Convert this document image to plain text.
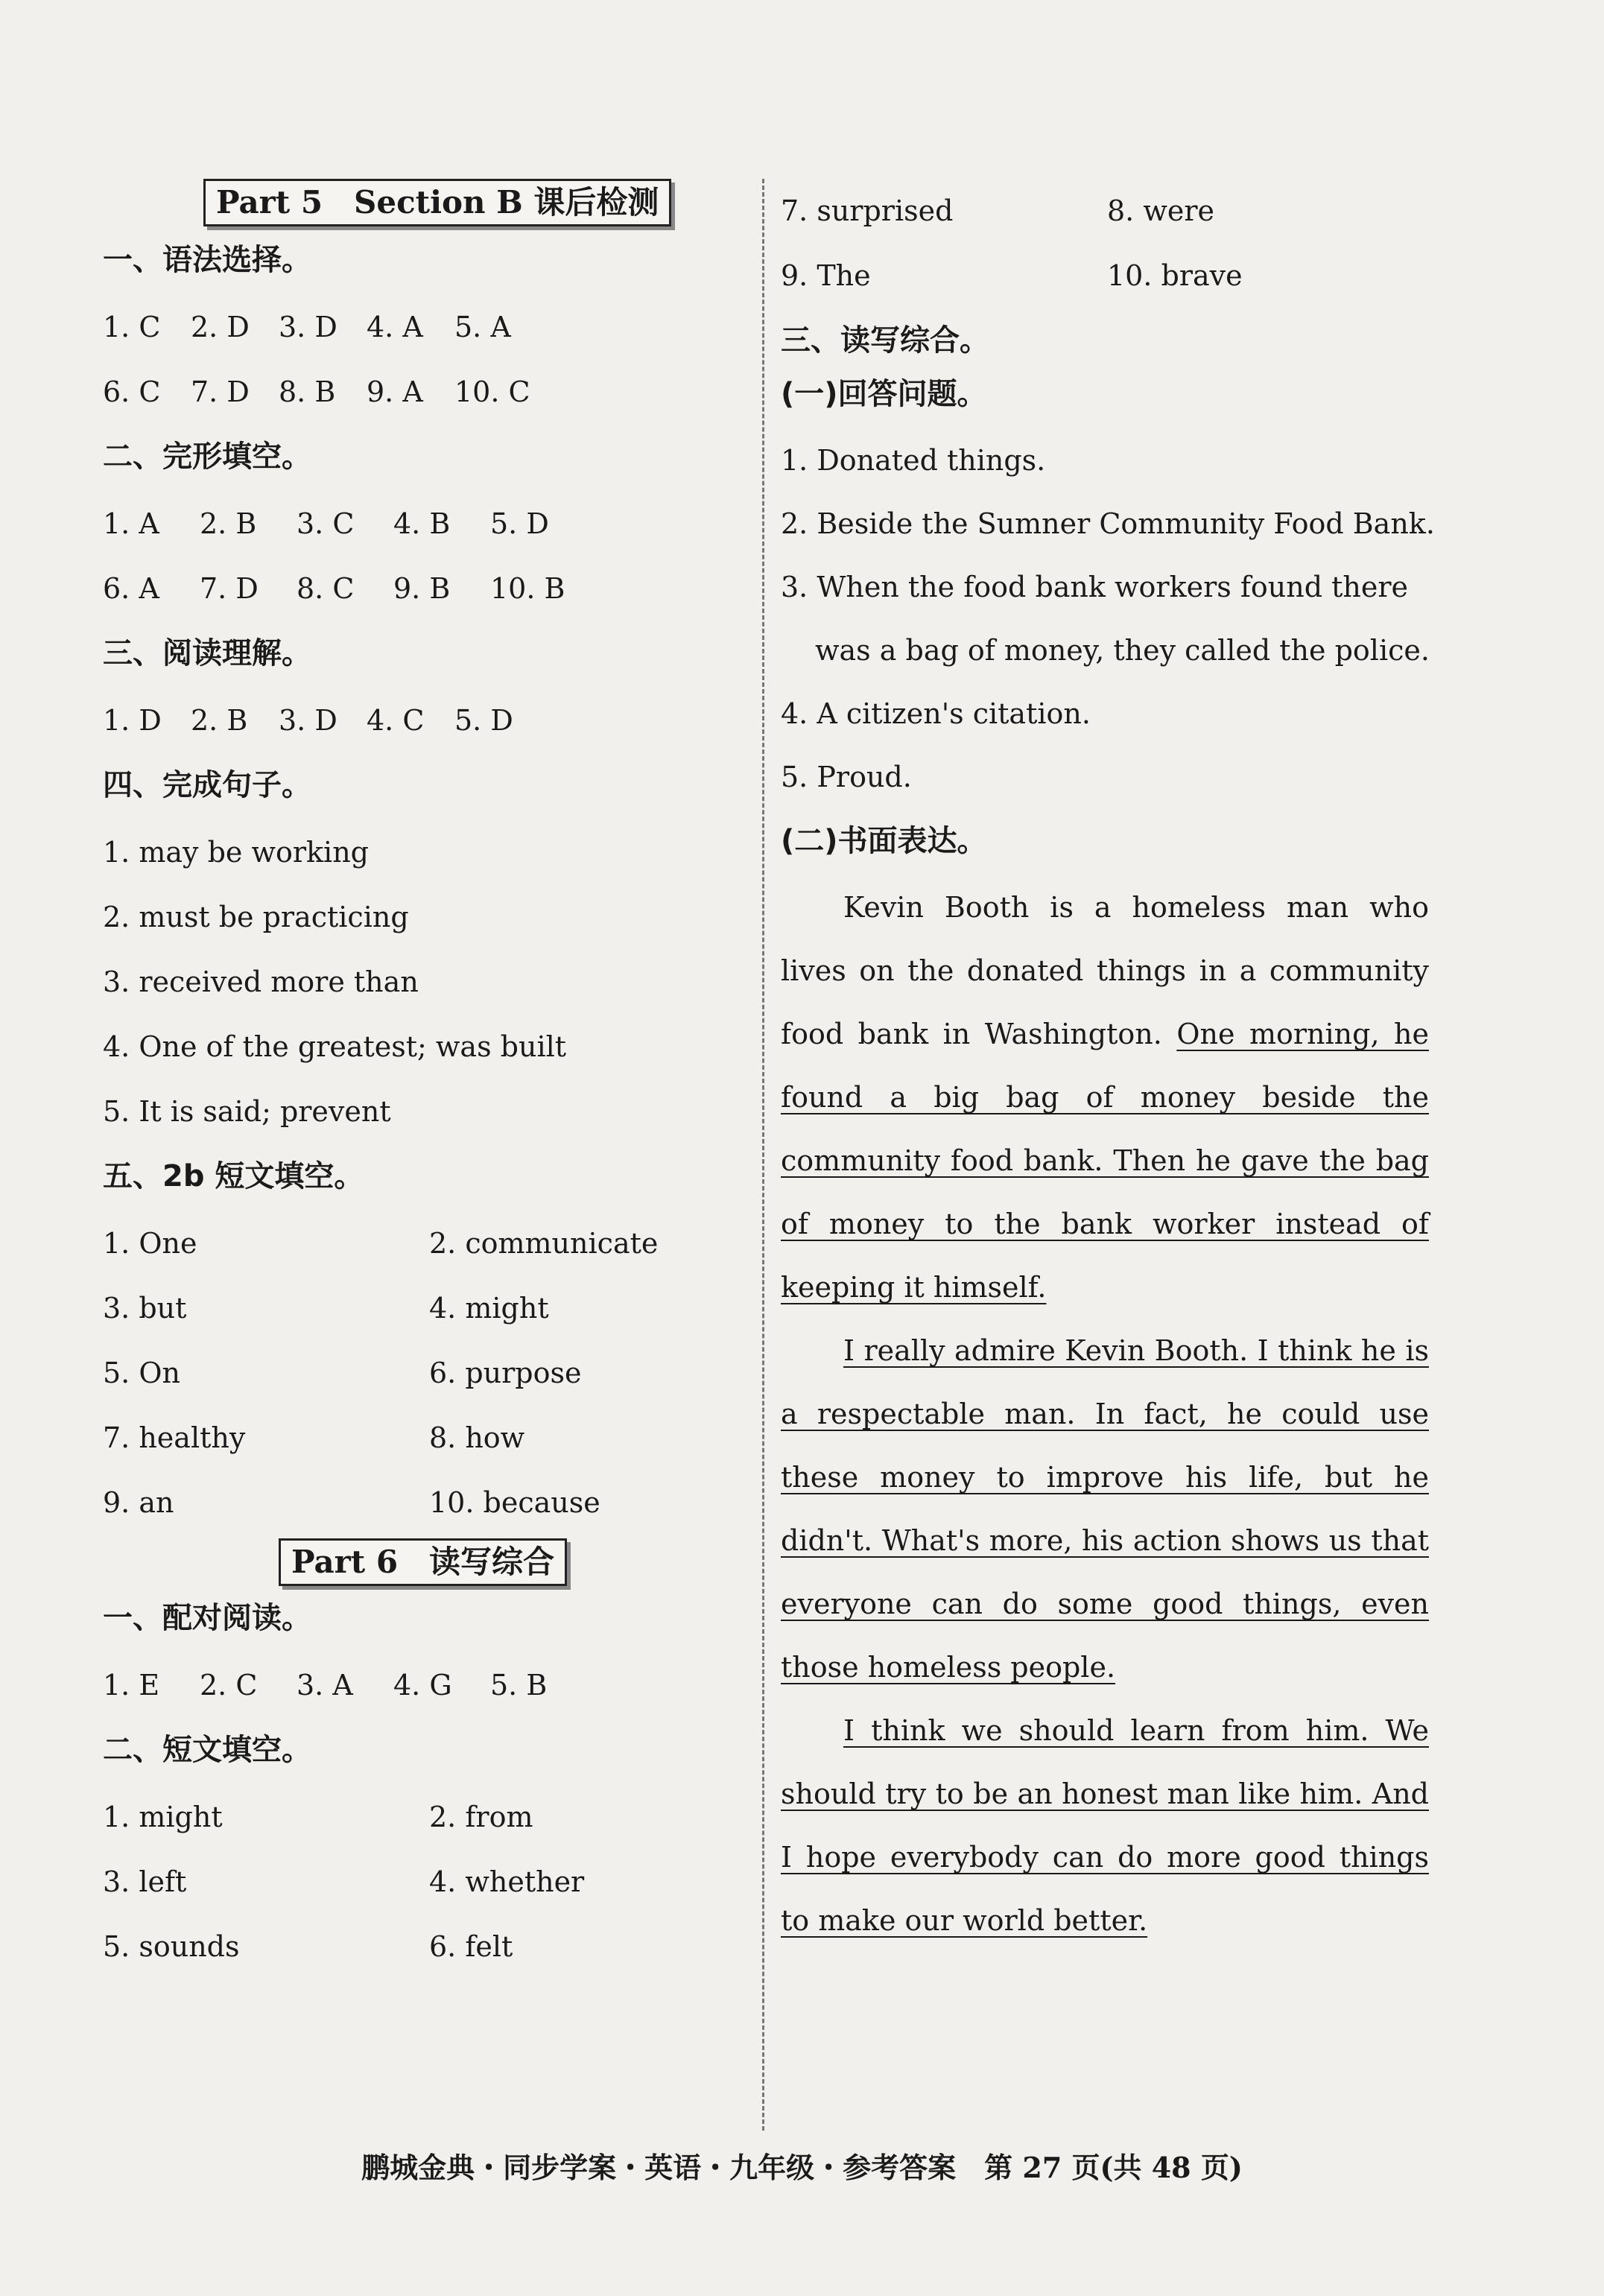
Part 5　Section B 课后检测
一、语法选择。
1. C 2. D 3. D 4. A 5. A
6. C 7. D 8. B 9. A 10. C
二、完形填空。
1. A 2. B 3. C 4. B 5. D
6. A 7. D 8. C 9. B 10. B
三、阅读理解。
1. D 2. B 3. D 4. C 5. D
四、完成句子。
1. may be working
2. must be practicing
3. received more than
4. One of the greatest; was built
5. It is said; prevent
五、2b 短文填空。
1. One	2. communicate
3. but	4. might
5. On	6. purpose
7. healthy	8. how
9. an	10. because
Part 6　读写综合
一、配对阅读。
1. E 2. C 3. A 4. G 5. B
二、短文填空。
1. might	2. from
3. left	4. whether
5. sounds	6. felt
7. surprised	8. were
9. The	10. brave
三、读写综合。
(一)回答问题。
1. Donated things.
2. Beside the Sumner Community Food Bank.
3. When the food bank workers found there
was a bag of money, they called the police.
4. A citizen's citation.
5. Proud.
(二)书面表达。

Kevin Booth is a homeless man who lives on the donated things in a community food bank in Washington. One morning, he found a big bag of money beside the community food bank. Then he gave the bag of money to the bank worker instead of keeping it himself.

I really admire Kevin Booth. I think he is a respectable man. In fact, he could use these money to improve his life, but he didn't. What's more, his action shows us that everyone can do some good things, even those homeless people.

I think we should learn from him. We should try to be an honest man like him. And I hope everybody can do more good things to make our world better.

鹏城金典・同步学案・英语・九年级・参考答案　第 27 页(共 48 页)
